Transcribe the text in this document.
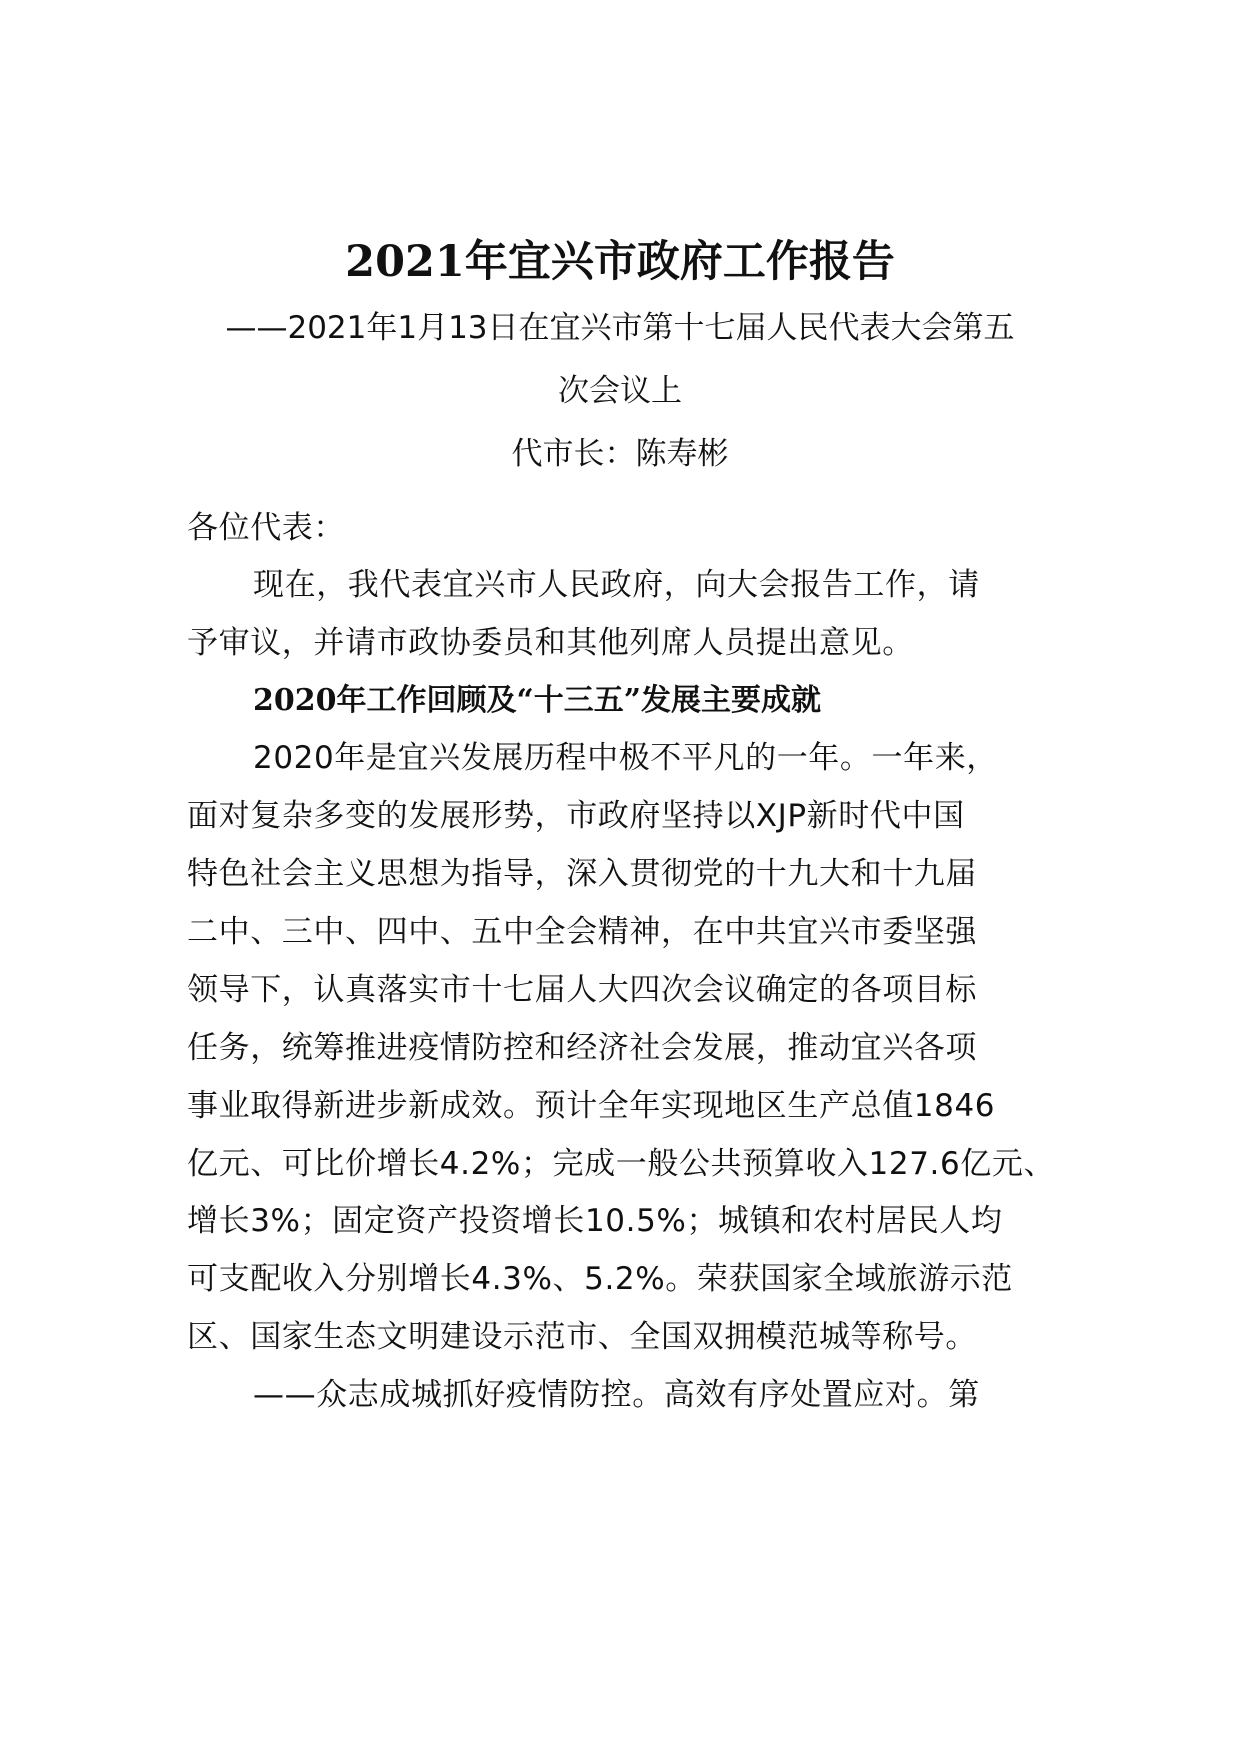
2021年宜兴市政府工作报告
——2021年1月13日在宜兴市第十七届人民代表大会第五
次会议上
代市长：陈寿彬
各位代表：
现在，我代表宜兴市人民政府，向大会报告工作，请
予审议，并请市政协委员和其他列席人员提出意见。
2020年工作回顾及“十三五”发展主要成就
2020年是宜兴发展历程中极不平凡的一年。一年来，
面对复杂多变的发展形势，市政府坚持以XJP新时代中国
特色社会主义思想为指导，深入贯彻党的十九大和十九届
二中、三中、四中、五中全会精神，在中共宜兴市委坚强
领导下，认真落实市十七届人大四次会议确定的各项目标
任务，统筹推进疫情防控和经济社会发展，推动宜兴各项
事业取得新进步新成效。预计全年实现地区生产总值1846
亿元、可比价增长4.2%；完成一般公共预算收入127.6亿元、
增长3%；固定资产投资增长10.5%；城镇和农村居民人均
可支配收入分别增长4.3%、5.2%。荣获国家全域旅游示范
区、国家生态文明建设示范市、全国双拥模范城等称号。
——众志成城抓好疫情防控。高效有序处置应对。第
